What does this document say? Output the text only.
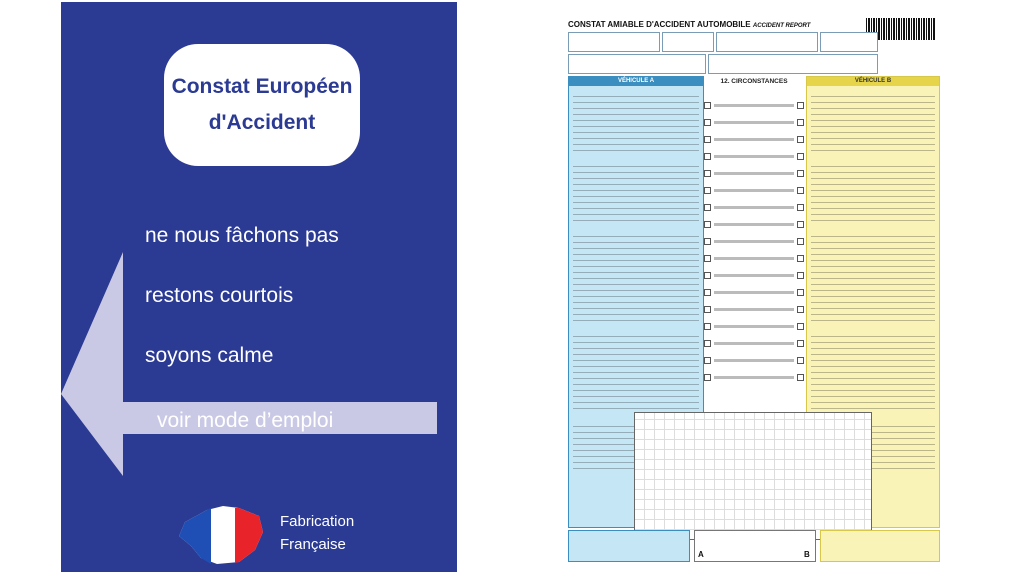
Constat Européen
d'Accident
ne nous fâchons pas
restons courtois
soyons calme
voir mode d’emploi
Fabrication
Française
CONSTAT AMIABLE D'ACCIDENT AUTOMOBILE ACCIDENT REPORT
VÉHICULE A	12. CIRCONSTANCES	VÉHICULE B
A	B
